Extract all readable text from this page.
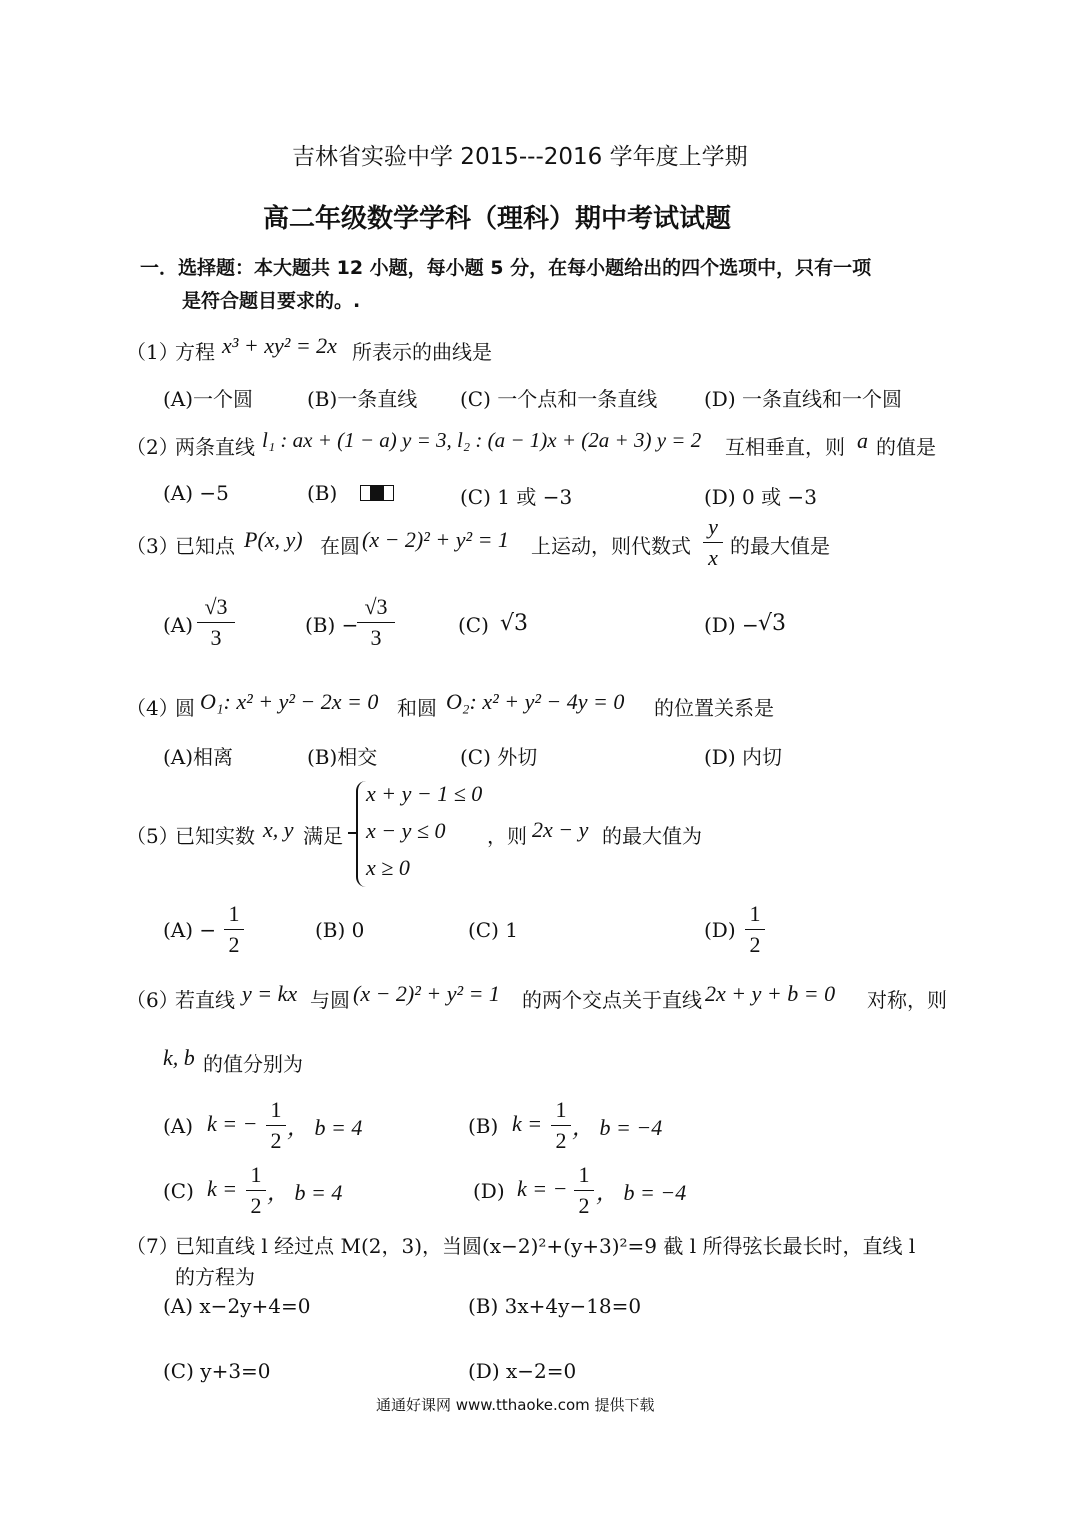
吉林省实验中学 2015---2016 学年度上学期
高二年级数学学科（理科）期中考试试题
一．选择题：本大题共 12 小题，每小题 5 分，在每小题给出的四个选项中，只有一项
是符合题目要求的。.
（1）
方程 x³ + xy² = 2x 所表示的曲线是
(A)一个圆	(B)一条直线 (C) 一个点和一条直线 (D) 一条直线和一个圆
（2）
两条直线 l₁ : ax + (1 − a) y = 3, l₂ : (a − 1)x + (2a + 3) y = 2 互相垂直，则 a 的值是
(A) −5	(B)	(C) 1 或 −3	(D) 0 或 −3
（3）
已知点 P(x, y) 在圆 (x − 2)² + y² = 1 上运动，则代数式
y
x 的最大值是
(A)
√3
3	(B) −
√3
3	(C) √3	(D) − √3
（4）
圆 O₁: x² + y² − 2x = 0 和圆 O₂: x² + y² − 4y = 0 的位置关系是
(A)相离	(B)相交	(C) 外切	(D) 内切
（5）
已知实数 x, y 满足
x + y − 1 ≤ 0
x − y ≤ 0
x ≥ 0
，则 2x − y 的最大值为
(A) −
1
2
(B) 0	(C) 1	(D)
1
2
（6）
若直线 y = kx 与圆 (x − 2)² + y² = 1 的两个交点关于直线 2x + y + b = 0 对称，则
k, b 的值分别为
(A) k = −
1
2
， b = 4	(B) k =
1
2
， b = −4
(C) k =
1
2
， b = 4	(D) k = −
1
2
， b = −4
（7）
已知直线 l 经过点 M(2，3)，当圆(x−2)²+(y+3)²=9 截 l 所得弦长最长时，直线 l
的方程为
(A) x−2y+4=0	(B) 3x+4y−18=0
(C) y+3=0	(D) x−2=0
通通好课网 www.tthaoke.com 提供下载
